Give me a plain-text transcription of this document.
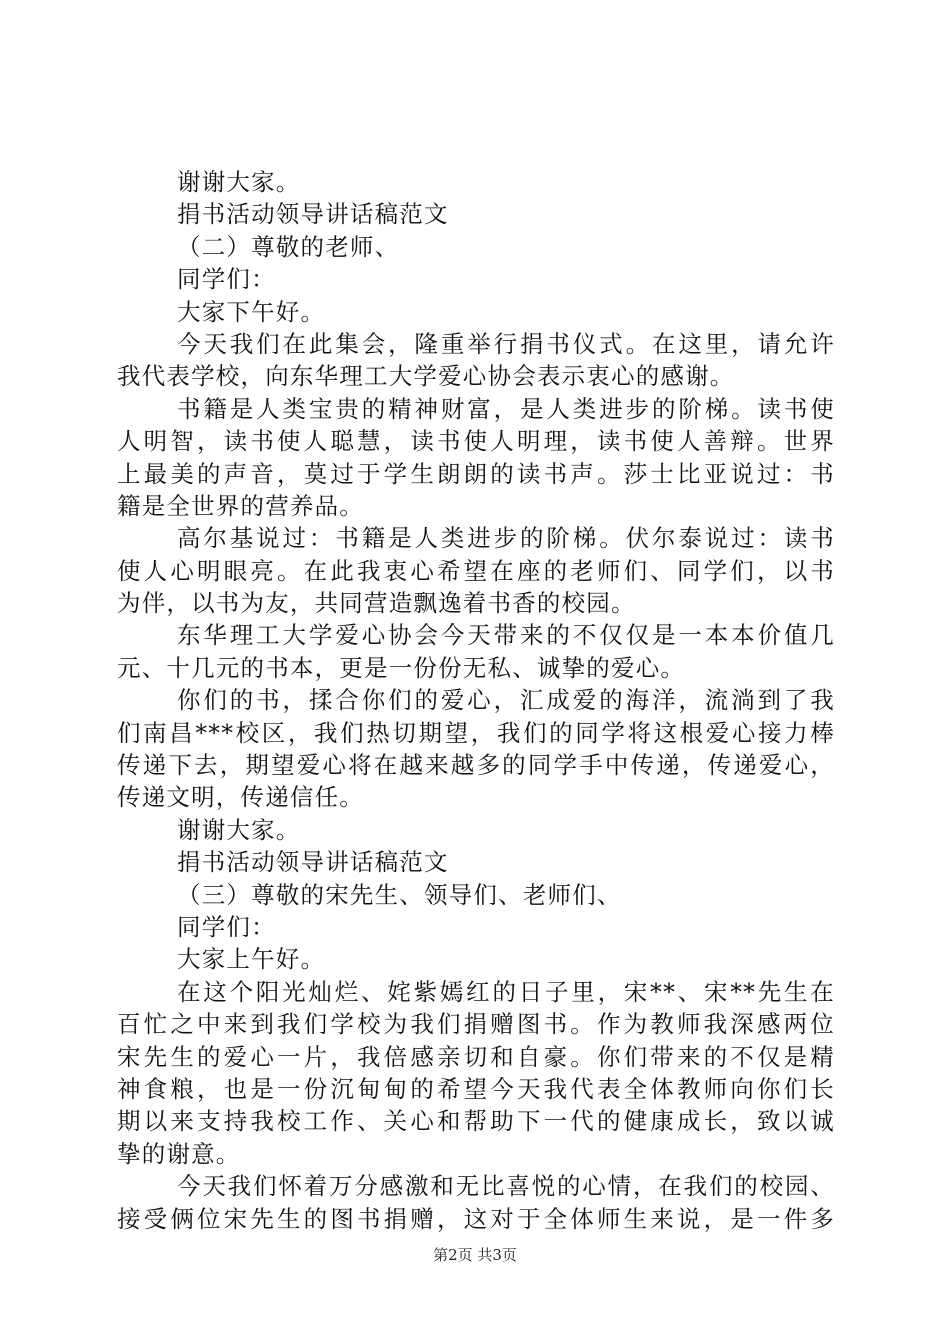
谢谢大家。
捐书活动领导讲话稿范文
（二）尊敬的老师、
同学们：
大家下午好。
今天我们在此集会，隆重举行捐书仪式。在这里，请允许
我代表学校，向东华理工大学爱心协会表示衷心的感谢。
书籍是人类宝贵的精神财富，是人类进步的阶梯。读书使
人明智，读书使人聪慧，读书使人明理，读书使人善辩。世界
上最美的声音，莫过于学生朗朗的读书声。莎士比亚说过：书
籍是全世界的营养品。
高尔基说过：书籍是人类进步的阶梯。伏尔泰说过：读书
使人心明眼亮。在此我衷心希望在座的老师们、同学们，以书
为伴，以书为友，共同营造飘逸着书香的校园。
东华理工大学爱心协会今天带来的不仅仅是一本本价值几
元、十几元的书本，更是一份份无私、诚挚的爱心。
你们的书，揉合你们的爱心，汇成爱的海洋，流淌到了我
们南昌***校区，我们热切期望，我们的同学将这根爱心接力棒
传递下去，期望爱心将在越来越多的同学手中传递，传递爱心，
传递文明，传递信任。
谢谢大家。
捐书活动领导讲话稿范文
（三）尊敬的宋先生、领导们、老师们、
同学们：
大家上午好。
在这个阳光灿烂、姹紫嫣红的日子里，宋**、宋**先生在
百忙之中来到我们学校为我们捐赠图书。作为教师我深感两位
宋先生的爱心一片，我倍感亲切和自豪。你们带来的不仅是精
神食粮，也是一份沉甸甸的希望今天我代表全体教师向你们长
期以来支持我校工作、关心和帮助下一代的健康成长，致以诚
挚的谢意。
今天我们怀着万分感激和无比喜悦的心情，在我们的校园、
接受俩位宋先生的图书捐赠，这对于全体师生来说，是一件多
第2页 共3页
